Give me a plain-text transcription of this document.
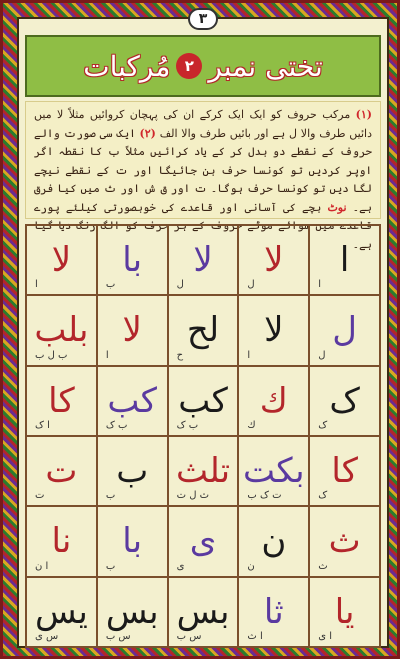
٣
تختی نمبر
٢
مُرکبات
(١) مرکب حروف کو ایک ایک کرکے ان کی پہچان کروائیں مثلاً لا میں دائیں طرف والا ل ہے اور بائیں طرف والا الف (٢) ایک سی صورت والے حروف کے نقطے دو بدل کر کے یاد کرائیں مثلاً ب کا نقطہ اگر اوپر کردیں تو کونسا حرف بن جائیگا اور ت کے نقطے نیچے لگا دیں تو کونسا حرف ہوگا۔ ت اور ق ش اور ث میں کیا فرق ہے۔ نوٹ بچے کی آسانی اور قاعدے کی خوبصورتی کیلئے پورے قاعدے میں سوائے موٹے حروف کے ہر حرف کو الگ رنگ دیا گیا ہے۔
ا
ا
لا
ل
لا
ل
با
ب
لا
ا
ل
ل
لا
ا
لح
ح
لا
ا
بلب
ب ل ب
ک
ک
ك
ك
کب
ب ک
کب
ب ک
کا
ا ک
کا
ک
بکت
ت ک ب
تلث
ث ل ت
ب
ب
ت
ت
ث
ث
ن
ن
ی
ی
با
ب
نا
ا ن
یا
ا ی
ثا
ا ث
بس
س ب
بس
س ب
یس
س ی
